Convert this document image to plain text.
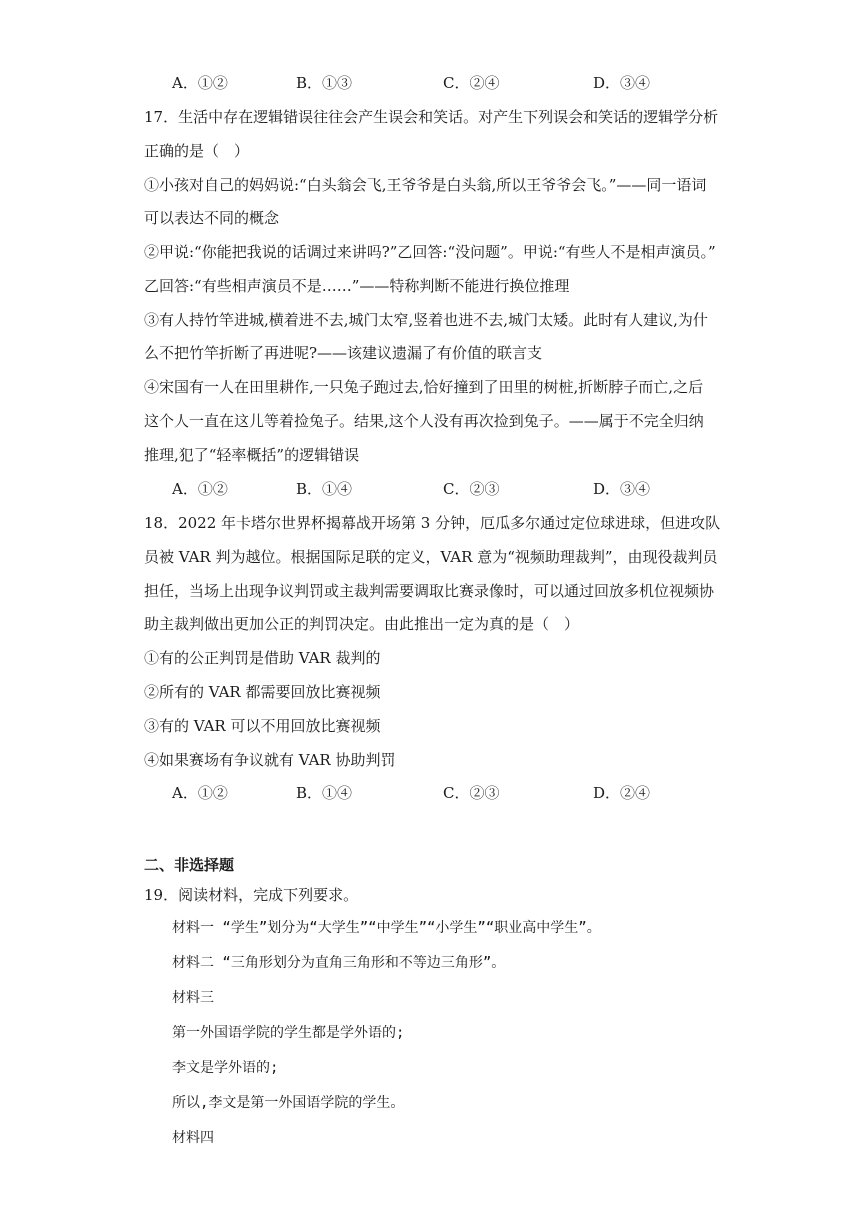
A．①②	B．①③	C．②④	D．③④
17．生活中存在逻辑错误往往会产生误会和笑话。对产生下列误会和笑话的逻辑学分析
正确的是（　）
①小孩对自己的妈妈说:“白头翁会飞,王爷爷是白头翁,所以王爷爷会飞。”——同一语词
可以表达不同的概念
②甲说:“你能把我说的话调过来讲吗?”乙回答:“没问题”。甲说:“有些人不是相声演员。”
乙回答:“有些相声演员不是……”——特称判断不能进行换位推理
③有人持竹竿进城,横着进不去,城门太窄,竖着也进不去,城门太矮。此时有人建议,为什
么不把竹竿折断了再进呢?——该建议遗漏了有价值的联言支
④宋国有一人在田里耕作,一只兔子跑过去,恰好撞到了田里的树桩,折断脖子而亡,之后
这个人一直在这儿等着捡兔子。结果,这个人没有再次捡到兔子。——属于不完全归纳
推理,犯了“轻率概括”的逻辑错误
A．①②	B．①④	C．②③	D．③④
18．2022 年卡塔尔世界杯揭幕战开场第 3 分钟，厄瓜多尔通过定位球进球，但进攻队
员被 VAR 判为越位。根据国际足联的定义，VAR 意为“视频助理裁判”，由现役裁判员
担任，当场上出现争议判罚或主裁判需要调取比赛录像时，可以通过回放多机位视频协
助主裁判做出更加公正的判罚决定。由此推出一定为真的是（　）
①有的公正判罚是借助 VAR 裁判的
②所有的 VAR 都需要回放比赛视频
③有的 VAR 可以不用回放比赛视频
④如果赛场有争议就有 VAR 协助判罚
A．①②	B．①④	C．②③	D．②④
二、非选择题
19．阅读材料，完成下列要求。
材料一 “学生”划分为“大学生”“中学生”“小学生”“职业高中学生”。
材料二 “三角形划分为直角三角形和不等边三角形”。
材料三
第一外国语学院的学生都是学外语的;
李文是学外语的;
所以,李文是第一外国语学院的学生。
材料四
